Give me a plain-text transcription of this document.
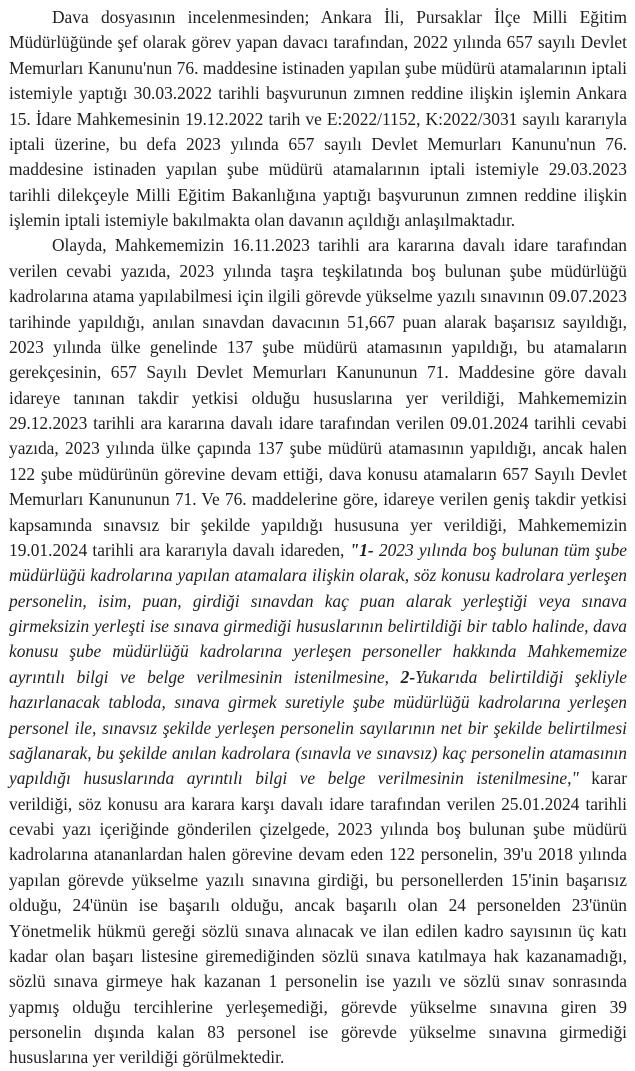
Dava dosyasının incelenmesinden; Ankara İli, Pursaklar İlçe Milli Eğitim Müdürlüğünde şef olarak görev yapan davacı tarafından, 2022 yılında 657 sayılı Devlet Memurları Kanunu'nun 76. maddesine istinaden yapılan şube müdürü atamalarının iptali istemiyle yaptığı 30.03.2022 tarihli başvurunun zımnen reddine ilişkin işlemin Ankara 15. İdare Mahkemesinin 19.12.2022 tarih ve E:2022/1152, K:2022/3031 sayılı kararıyla iptali üzerine, bu defa 2023 yılında 657 sayılı Devlet Memurları Kanunu'nun 76. maddesine istinaden yapılan şube müdürü atamalarının iptali istemiyle 29.03.2023 tarihli dilekçeyle Milli Eğitim Bakanlığına yaptığı başvurunun zımnen reddine ilişkin işlemin iptali istemiyle bakılmakta olan davanın açıldığı anlaşılmaktadır.

Olayda, Mahkememizin 16.11.2023 tarihli ara kararına davalı idare tarafından verilen cevabi yazıda, 2023 yılında taşra teşkilatında boş bulunan şube müdürlüğü kadrolarına atama yapılabilmesi için ilgili görevde yükselme yazılı sınavının 09.07.2023 tarihinde yapıldığı, anılan sınavdan davacının 51,667 puan alarak başarısız sayıldığı, 2023 yılında ülke genelinde 137 şube müdürü atamasının yapıldığı, bu atamaların gerekçesinin, 657 Sayılı Devlet Memurları Kanununun 71. Maddesine göre davalı idareye tanınan takdir yetkisi olduğu hususlarına yer verildiği, Mahkememizin 29.12.2023 tarihli ara kararına davalı idare tarafından verilen 09.01.2024 tarihli cevabi yazıda, 2023 yılında ülke çapında 137 şube müdürü atamasının yapıldığı, ancak halen 122 şube müdürünün görevine devam ettiği, dava konusu atamaların 657 Sayılı Devlet Memurları Kanununun 71. Ve 76. maddelerine göre, idareye verilen geniş takdir yetkisi kapsamında sınavsız bir şekilde yapıldığı hususuna yer verildiği, Mahkememizin 19.01.2024 tarihli ara kararıyla davalı idareden, "1- 2023 yılında boş bulunan tüm şube müdürlüğü kadrolarına yapılan atamalara ilişkin olarak, söz konusu kadrolara yerleşen personelin, isim, puan, girdiği sınavdan kaç puan alarak yerleştiği veya sınava girmeksizin yerleşti ise sınava girmediği hususlarının belirtildiği bir tablo halinde, dava konusu şube müdürlüğü kadrolarına yerleşen personeller hakkında Mahkememize ayrıntılı bilgi ve belge verilmesinin istenilmesine, 2-Yukarıda belirtildiği şekliyle hazırlanacak tabloda, sınava girmek suretiyle şube müdürlüğü kadrolarına yerleşen personel ile, sınavsız şekilde yerleşen personelin sayılarının net bir şekilde belirtilmesi sağlanarak, bu şekilde anılan kadrolara (sınavla ve sınavsız) kaç personelin atamasının yapıldığı hususlarında ayrıntılı bilgi ve belge verilmesinin istenilmesine," karar verildiği, söz konusu ara karara karşı davalı idare tarafından verilen 25.01.2024 tarihli cevabi yazı içeriğinde gönderilen çizelgede, 2023 yılında boş bulunan şube müdürü kadrolarına atananlardan halen görevine devam eden 122 personelin, 39'u 2018 yılında yapılan görevde yükselme yazılı sınavına girdiği, bu personellerden 15'inin başarısız olduğu, 24'ünün ise başarılı olduğu, ancak başarılı olan 24 personelden 23'ünün Yönetmelik hükmü gereği sözlü sınava alınacak ve ilan edilen kadro sayısının üç katı kadar olan başarı listesine giremediğinden sözlü sınava katılmaya hak kazanamadığı, sözlü sınava girmeye hak kazanan 1 personelin ise yazılı ve sözlü sınav sonrasında yapmış olduğu tercihlerine yerleşemediği, görevde yükselme sınavına giren 39 personelin dışında kalan 83 personel ise görevde yükselme sınavına girmediği hususlarına yer verildiği görülmektedir.
